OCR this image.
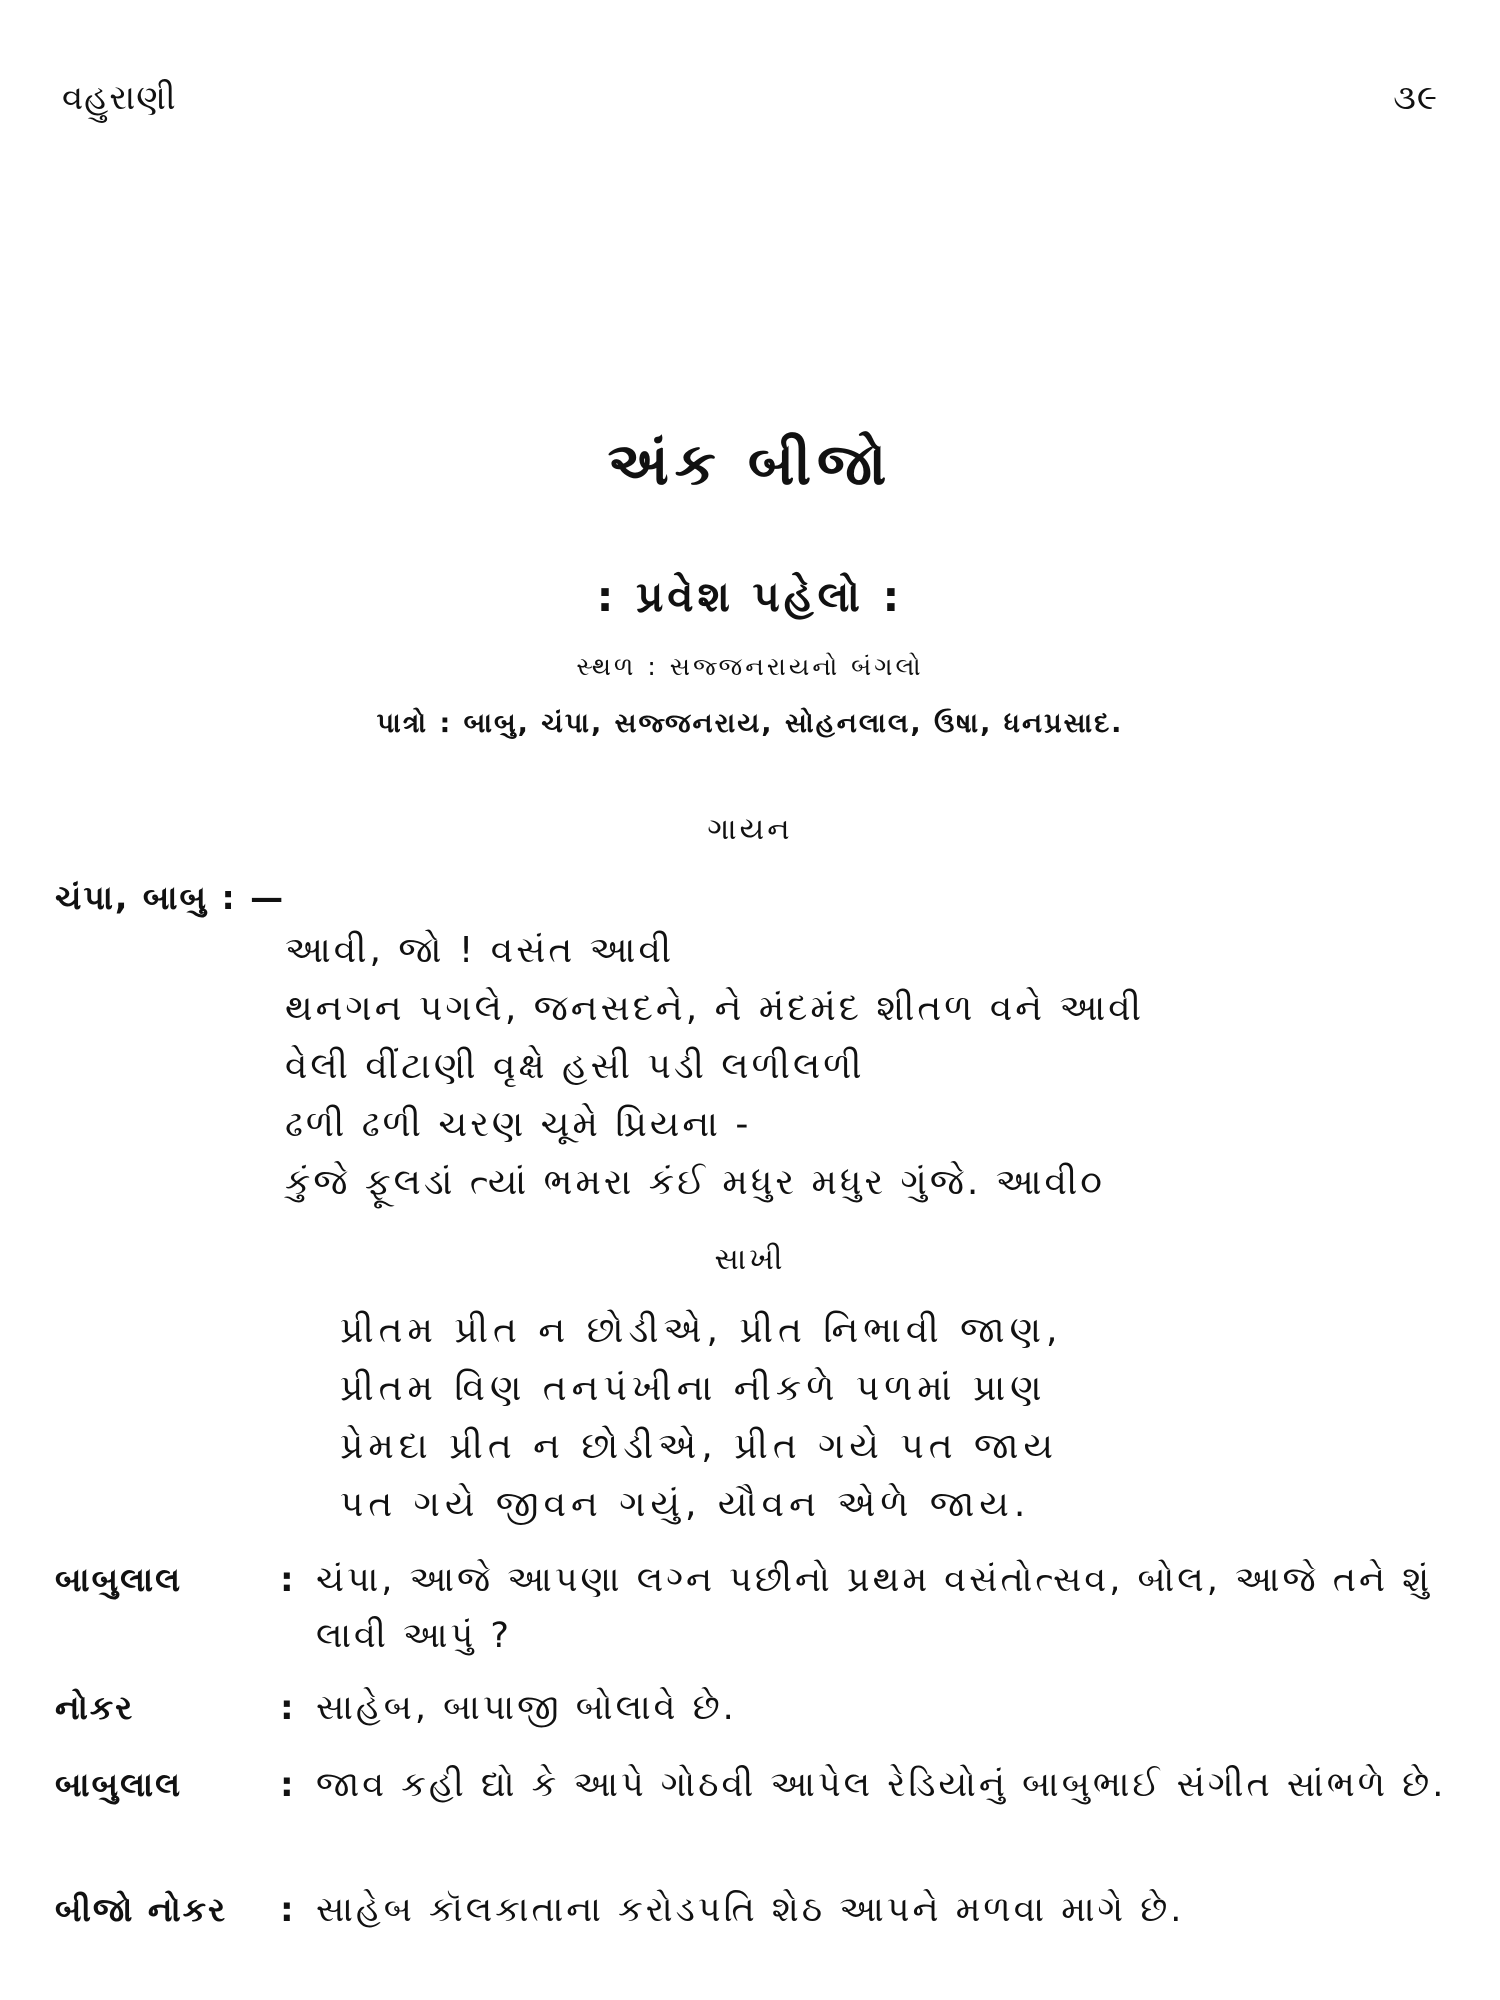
વહુરાણી	૩૯
અંક બીજો
: પ્રવેશ પહેલો :
સ્થળ : સજ્જનરાયનો બંગલો
પાત્રો : બાબુ, ચંપા, સજ્જનરાય, સોહનલાલ, ઉષા, ધનપ્રસાદ.
ગાયન
ચંપા, બાબુ : —
આવી, જો ! વસંત આવી
થનગન પગલે, જનસદને, ને મંદમંદ શીતળ વને આવી
વેલી વીંટાણી વૃક્ષે હસી પડી લળીલળી
ઢળી ઢળી ચરણ ચૂમે પ્રિયના -
કુંજે ફૂલડાં ત્યાં ભમરા કંઈ મધુર મધુર ગુંજે. આવી૦
સાખી
પ્રીતમ પ્રીત ન છોડીએ, પ્રીત નિભાવી જાણ,
પ્રીતમ વિણ તનપંખીના નીકળે પળમાં પ્રાણ
પ્રેમદા પ્રીત ન છોડીએ, પ્રીત ગયે પત જાય
પત ગયે જીવન ગયું, યૌવન એળે જાય.
બાબુલાલ	: ચંપા, આજે આપણા લગ્ન પછીનો પ્રથમ વસંતોત્સવ, બોલ, આજે તને શું લાવી આપું ?
નોકર	: સાહેબ, બાપાજી બોલાવે છે.
બાબુલાલ	: જાવ કહી દ્યો કે આપે ગોઠવી આપેલ રેડિયોનું બાબુભાઈ સંગીત સાંભળે છે.
બીજો નોકર	: સાહેબ કૉલકાતાના કરોડપતિ શેઠ આપને મળવા માગે છે.
